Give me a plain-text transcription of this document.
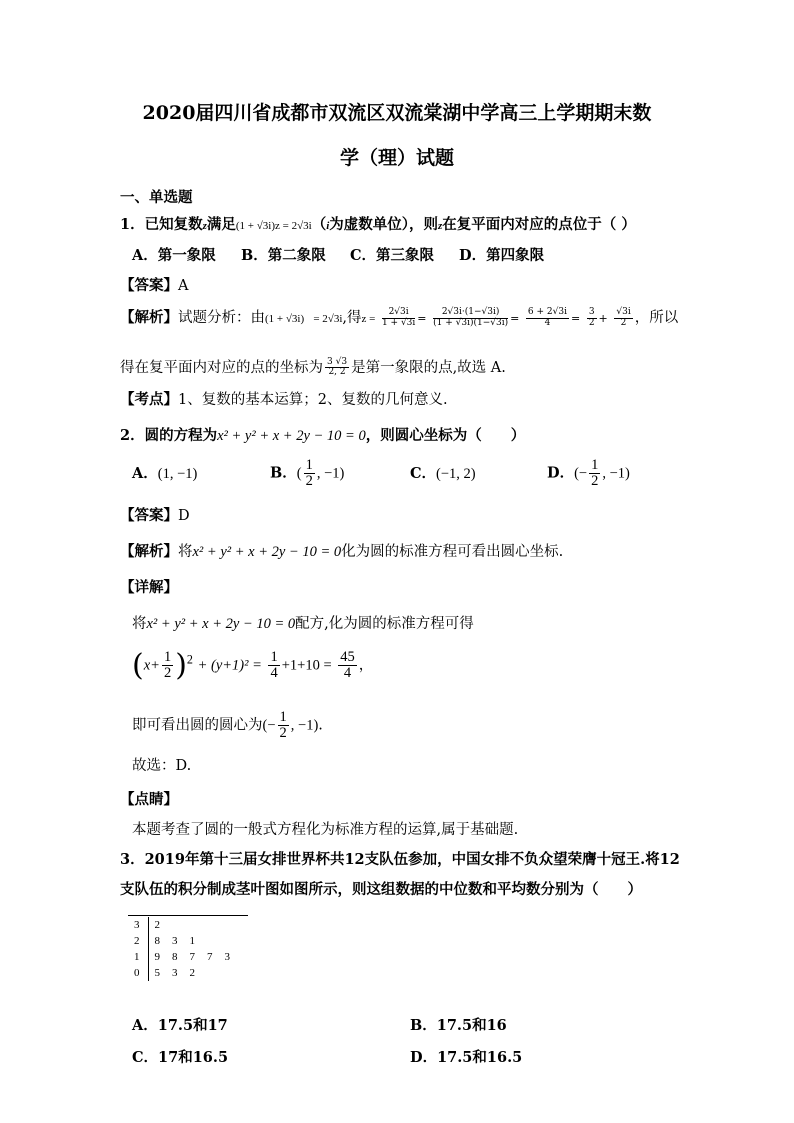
2020届四川省成都市双流区双流棠湖中学高三上学期期末数
学（理）试题
一、单选题
1．已知复数z满足(1 + √3i)z = 2√3i（i为虚数单位），则z在复平面内对应的点位于（ ）
A．第一象限 B．第二象限 C．第三象限 D．第四象限
【答案】A
【解析】试题分析：由(1 + √3i) = 2√3i,得$z = \frac{2√3i}{1 + √3i} = \frac{2√3i\cdot(1-√3i)}{(1 + √3i)(1-√3i)} = \frac{6 + 2√3i}{4} = \frac{3}{2} + \frac{√3i}{2}$ ，所以
得在复平面内对应的点的坐标为 $\frac{3 √3}{2, 2}$ 是第一象限的点,故选 A.
【考点】1、复数的基本运算；2、复数的几何意义.
2．圆的方程为x² + y² + x + 2y − 10 = 0，则圆心坐标为（　　）
A．(1, −1)	B．( $\frac{1}{2}$ , −1)	C．(−1, 2)	D．(− $\frac{1}{2}$ , −1)
【答案】D
【解析】将x² + y² + x + 2y − 10 = 0化为圆的标准方程可看出圆心坐标.
【详解】
将x² + y² + x + 2y − 10 = 0配方,化为圆的标准方程可得
$(x+ \frac{1}{2} )^2 + (y+1)^2 = \frac{1}{4} +1+10 = \frac{45}{4}$ ，
即可看出圆的圆心为(− $\frac{1}{2}$ , −1).
故选：D.
【点睛】
本题考查了圆的一般式方程化为标准方程的运算,属于基础题.
3．2019年第十三届女排世界杯共12支队伍参加，中国女排不负众望荣膺十冠王.将12
支队伍的积分制成茎叶图如图所示，则这组数据的中位数和平均数分别为（　　）
3	2				
2	8	3	1		
1	9	8	7	7	3
0	5	3	2		
A．17.5和17	B．17.5和16
C．17和16.5	D．17.5和16.5
